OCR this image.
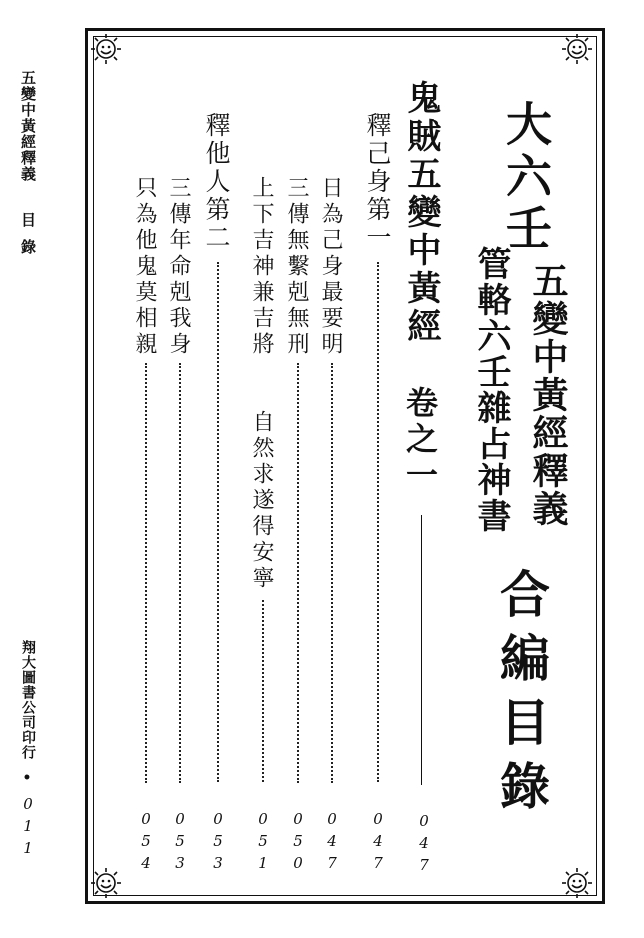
五變中黃經釋義
目錄
翔大圖書公司印行
•
011
大六壬
五變中黃經釋義
管輅六壬雜占神書
合編目錄
鬼賊五變中黃經
卷之一
047
釋己身第一
047
日為己身最要明
047
三傳無繫剋無刑
050
上下吉神兼吉將
自然求遂得安寧
051
釋他人第二
053
三傳年命剋我身
053
只為他鬼莫相親
054
